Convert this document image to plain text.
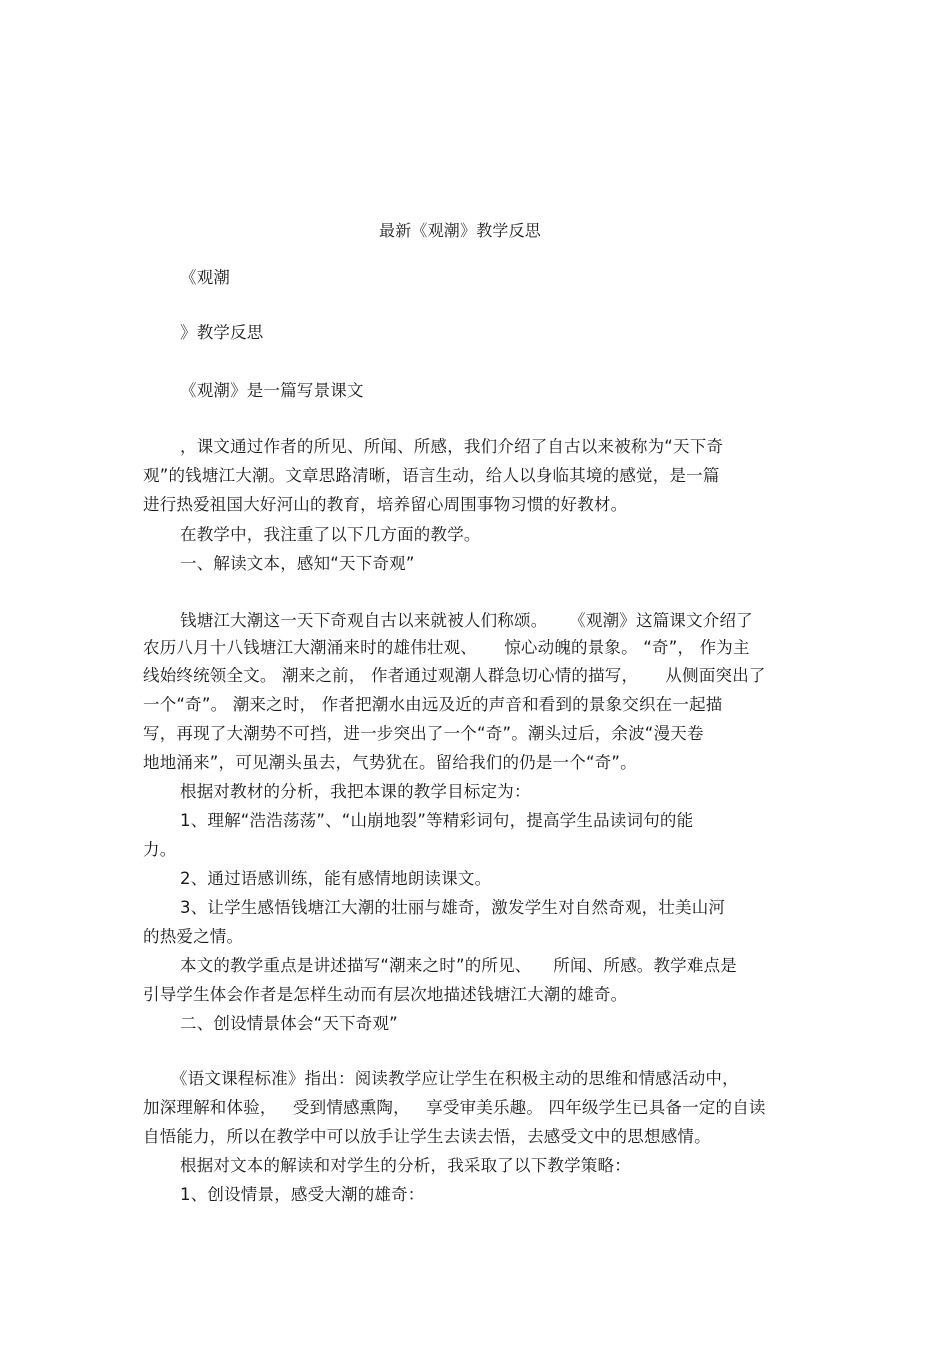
最新《观潮》教学反思
《观潮
》教学反思
《观潮》是一篇写景课文
，课文通过作者的所见、所闻、所感，我们介绍了自古以来被称为“天下奇
观”的钱塘江大潮。文章思路清晰，语言生动，给人以身临其境的感觉，是一篇
进行热爱祖国大好河山的教育，培养留心周围事物习惯的好教材。
在教学中，我注重了以下几方面的教学。
一、解读文本，感知“天下奇观”
钱塘江大潮这一天下奇观自古以来就被人们称颂。    《观潮》这篇课文介绍了
农历八月十八钱塘江大潮涌来时的雄伟壮观、     惊心动魄的景象。 “奇”， 作为主
线始终统领全文。 潮来之前， 作者通过观潮人群急切心情的描写，     从侧面突出了
一个“奇”。 潮来之时， 作者把潮水由远及近的声音和看到的景象交织在一起描
写，再现了大潮势不可挡，进一步突出了一个“奇”。潮头过后，余波“漫天卷
地地涌来”，可见潮头虽去，气势犹在。留给我们的仍是一个“奇”。
根据对教材的分析，我把本课的教学目标定为：
1、理解“浩浩荡荡”、“山崩地裂”等精彩词句，提高学生品读词句的能
力。
2、通过语感训练，能有感情地朗读课文。
3、让学生感悟钱塘江大潮的壮丽与雄奇，激发学生对自然奇观，壮美山河
的热爱之情。
本文的教学重点是讲述描写“潮来之时”的所见、    所闻、所感。教学难点是
引导学生体会作者是怎样生动而有层次地描述钱塘江大潮的雄奇。
二、创设情景体会“天下奇观”
《语文课程标准》指出：阅读教学应让学生在积极主动的思维和情感活动中，
加深理解和体验，   受到情感熏陶，   享受审美乐趣。 四年级学生已具备一定的自读
自悟能力，所以在教学中可以放手让学生去读去悟，去感受文中的思想感情。
根据对文本的解读和对学生的分析，我采取了以下教学策略：
1、创设情景，感受大潮的雄奇：
